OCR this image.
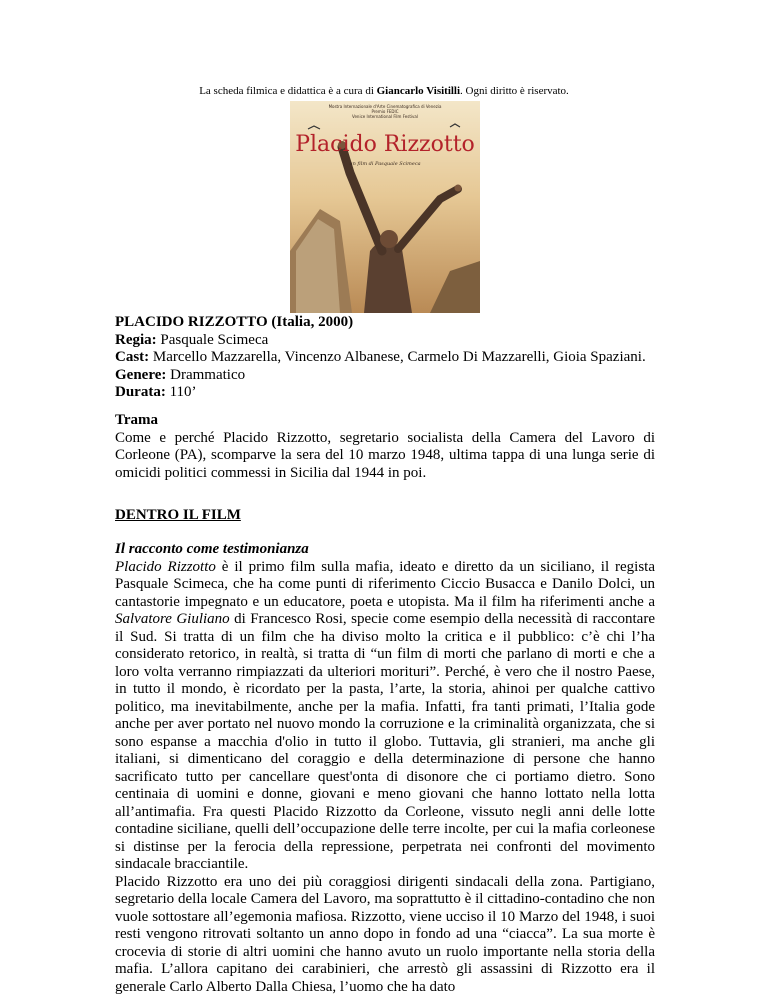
La scheda filmica e didattica è a cura di Giancarlo Visitilli. Ogni diritto è riservato.
Mostra Internazionale d'Arte Cinematografica di Venezia
Premio FEDIC
Venice International Film Festival
Placido Rizzotto
un film di Pasquale Scimeca
PLACIDO RIZZOTTO (Italia, 2000)
Regia: Pasquale Scimeca
Cast: Marcello Mazzarella, Vincenzo Albanese, Carmelo Di Mazzarelli, Gioia Spaziani.
Genere: Drammatico
Durata: 110’
Trama
Come e perché Placido Rizzotto, segretario socialista della Camera del Lavoro di Corleone (PA), scomparve la sera del 10 marzo 1948, ultima tappa di una lunga serie di omicidi politici commessi in Sicilia dal 1944 in poi.
DENTRO IL FILM
Il racconto come testimonianza
Placido Rizzotto è il primo film sulla mafia, ideato e diretto da un siciliano, il regista Pasquale Scimeca, che ha come punti di riferimento Ciccio Busacca e Danilo Dolci, un cantastorie impegnato e un educatore, poeta e utopista. Ma il film ha riferimenti anche a Salvatore Giuliano di Francesco Rosi, specie come esempio della necessità di raccontare il Sud. Si tratta di un film che ha diviso molto la critica e il pubblico: c’è chi l’ha considerato retorico, in realtà, si tratta di “un film di morti che parlano di morti e che a loro volta verranno rimpiazzati da ulteriori morituri”. Perché, è vero che il nostro Paese, in tutto il mondo, è ricordato per la pasta, l’arte, la storia, ahinoi per qualche cattivo politico, ma inevitabilmente, anche per la mafia. Infatti, fra tanti primati, l’Italia gode anche per aver portato nel nuovo mondo la corruzione e la criminalità organizzata, che si sono espanse a macchia d'olio in tutto il globo. Tuttavia, gli stranieri, ma anche gli italiani, si dimenticano del coraggio e della determinazione di persone che hanno sacrificato tutto per cancellare quest'onta di disonore che ci portiamo dietro. Sono centinaia di uomini e donne, giovani e meno giovani che hanno lottato nella lotta all’antimafia. Fra questi Placido Rizzotto da Corleone, vissuto negli anni delle lotte contadine siciliane, quelli dell’occupazione delle terre incolte, per cui la mafia corleonese si distinse per la ferocia della repressione, perpetrata nei confronti del movimento sindacale bracciantile.
Placido Rizzotto era uno dei più coraggiosi dirigenti sindacali della zona. Partigiano, segretario della locale Camera del Lavoro, ma soprattutto è il cittadino-contadino che non vuole sottostare all’egemonia mafiosa. Rizzotto, viene ucciso il 10 Marzo del 1948, i suoi resti vengono ritrovati soltanto un anno dopo in fondo ad una “ciacca”. La sua morte è crocevia di storie di altri uomini che hanno avuto un ruolo importante nella storia della mafia. L’allora capitano dei carabinieri, che arrestò gli assassini di Rizzotto era il generale Carlo Alberto Dalla Chiesa, l’uomo che ha dato
